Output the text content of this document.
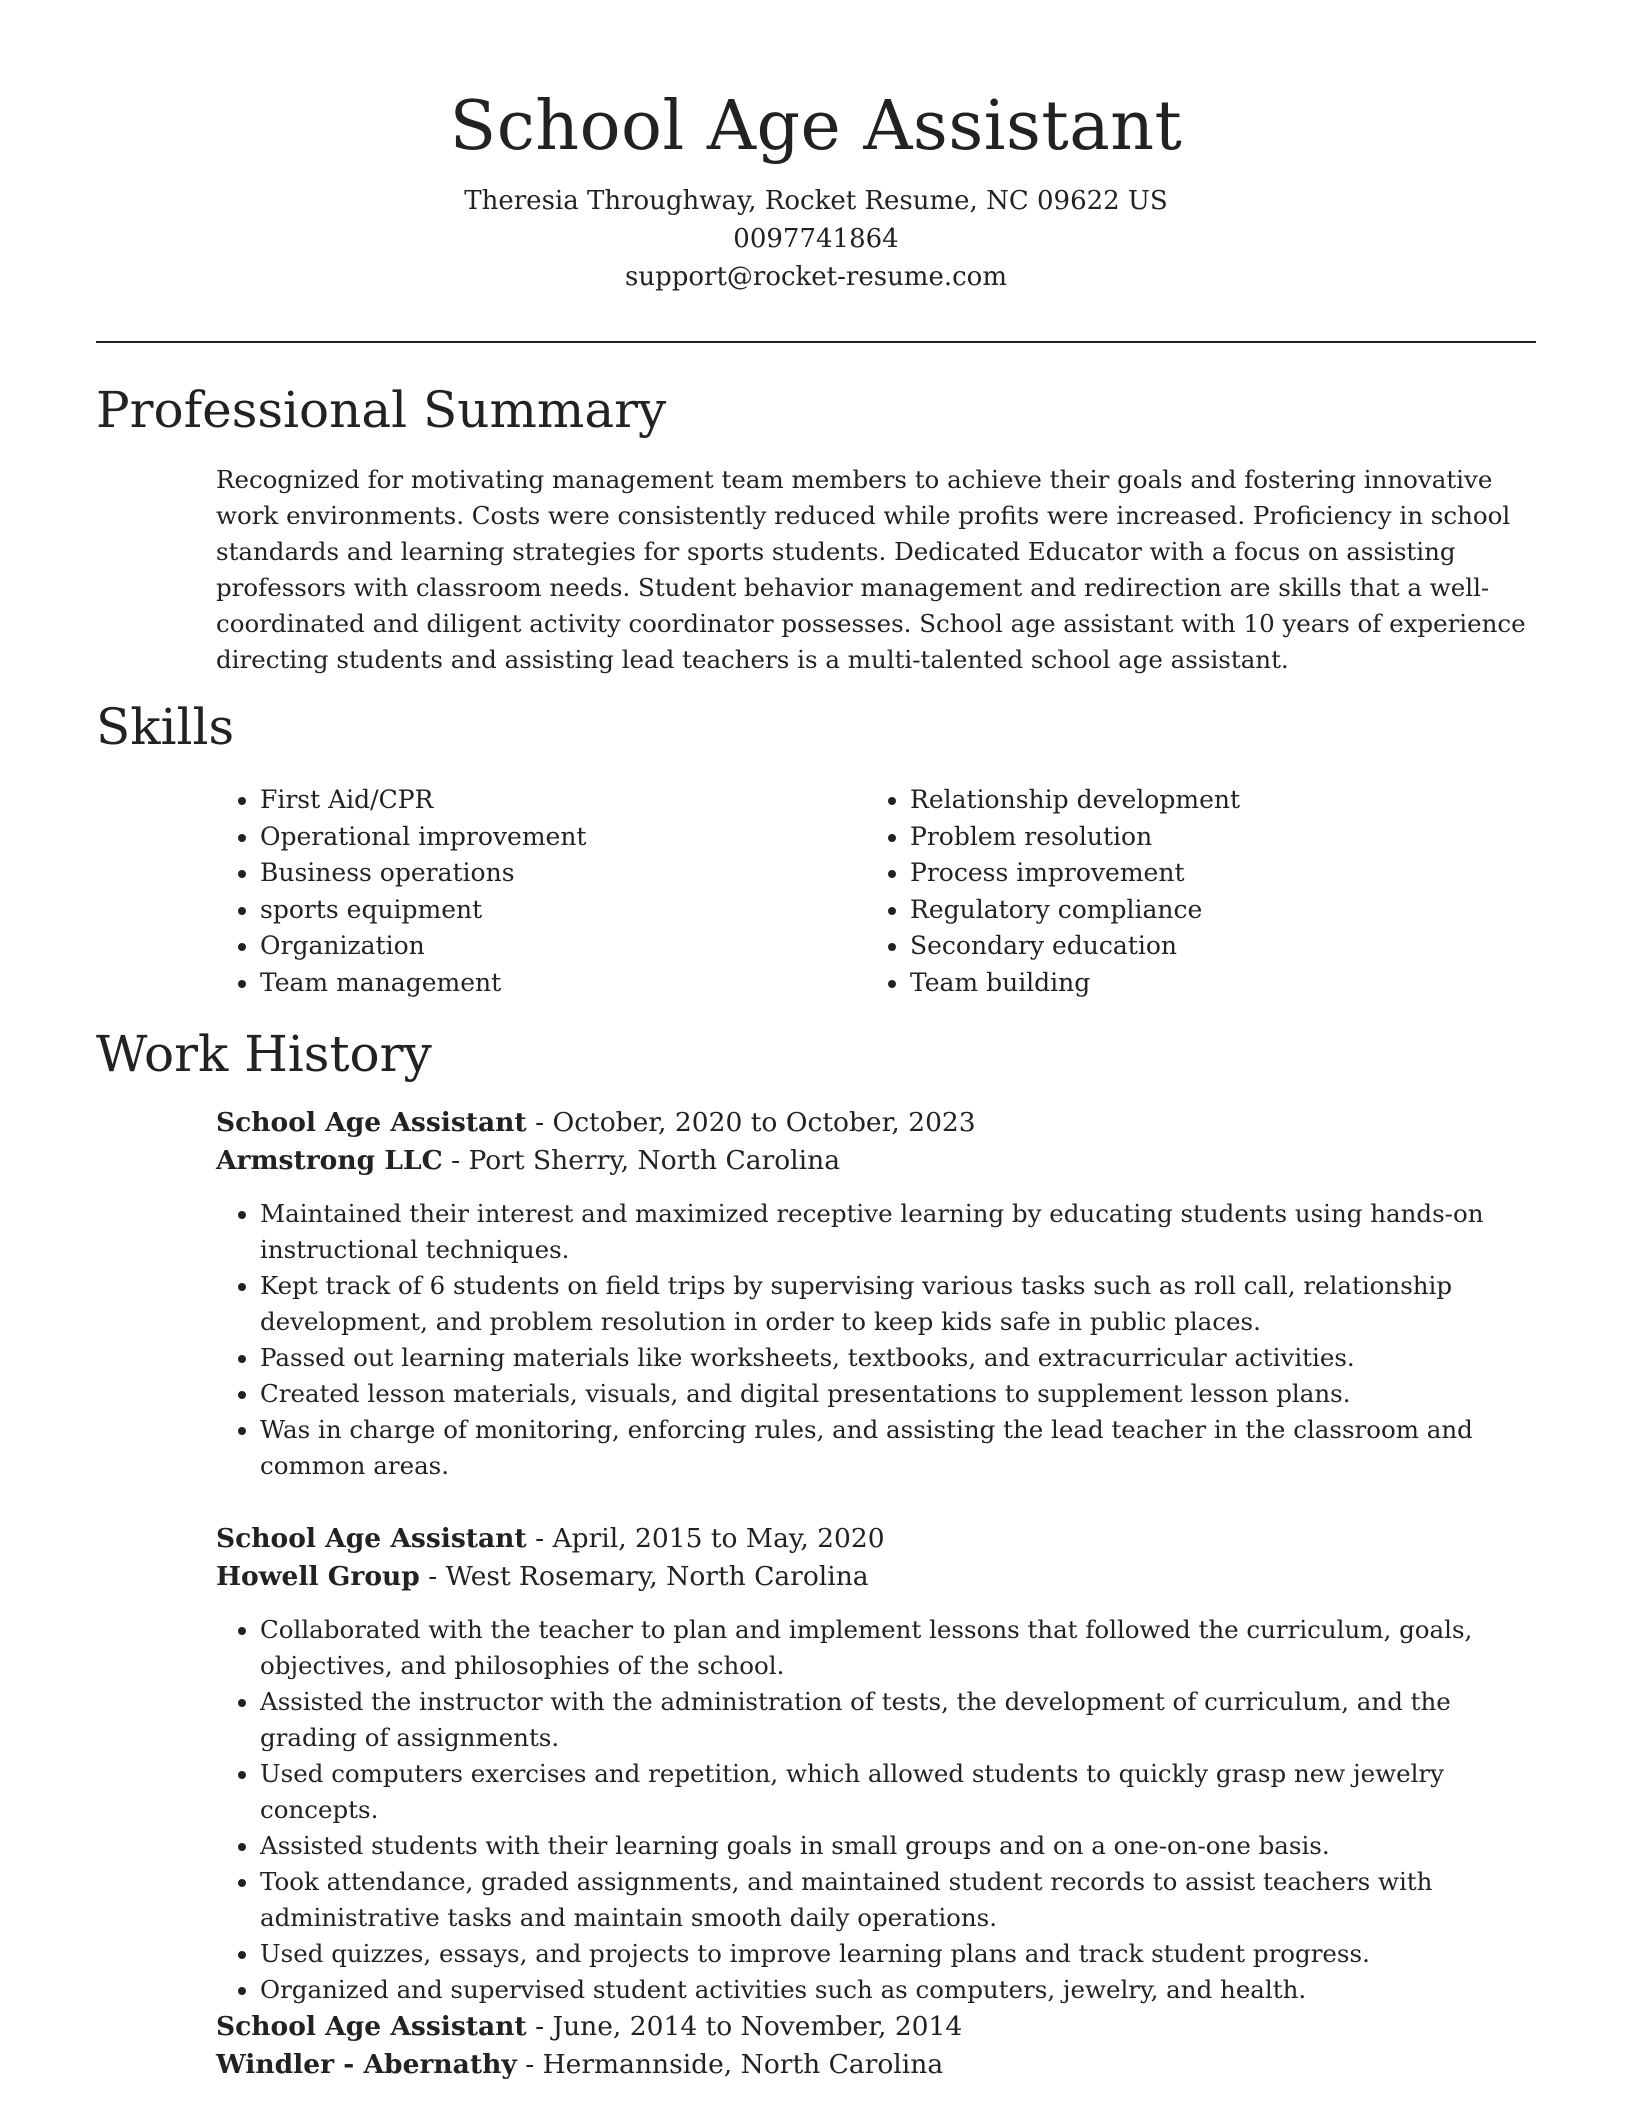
School Age Assistant
Theresia Throughway, Rocket Resume, NC 09622 US
0097741864
support@rocket-resume.com
Professional Summary

Recognized for motivating management team members to achieve their goals and fostering innovative work environments. Costs were consistently reduced while profits were increased. Proficiency in school standards and learning strategies for sports students. Dedicated Educator with a focus on assisting professors with classroom needs. Student behavior management and redirection are skills that a well-coordinated and diligent activity coordinator possesses. School age assistant with 10 years of experience directing students and assisting lead teachers is a multi-talented school age assistant.

Skills
• First Aid/CPR
• Operational improvement
• Business operations
• sports equipment
• Organization
• Team management
• Relationship development
• Problem resolution
• Process improvement
• Regulatory compliance
• Secondary education
• Team building
Work History
School Age Assistant - October, 2020 to October, 2023
Armstrong LLC - Port Sherry, North Carolina
• Maintained their interest and maximized receptive learning by educating students using hands-on instructional techniques.
• Kept track of 6 students on field trips by supervising various tasks such as roll call, relationship development, and problem resolution in order to keep kids safe in public places.
• Passed out learning materials like worksheets, textbooks, and extracurricular activities.
• Created lesson materials, visuals, and digital presentations to supplement lesson plans.
• Was in charge of monitoring, enforcing rules, and assisting the lead teacher in the classroom and common areas.
School Age Assistant - April, 2015 to May, 2020
Howell Group - West Rosemary, North Carolina
• Collaborated with the teacher to plan and implement lessons that followed the curriculum, goals, objectives, and philosophies of the school.
• Assisted the instructor with the administration of tests, the development of curriculum, and the grading of assignments.
• Used computers exercises and repetition, which allowed students to quickly grasp new jewelry concepts.
• Assisted students with their learning goals in small groups and on a one-on-one basis.
• Took attendance, graded assignments, and maintained student records to assist teachers with administrative tasks and maintain smooth daily operations.
• Used quizzes, essays, and projects to improve learning plans and track student progress.
• Organized and supervised student activities such as computers, jewelry, and health.
School Age Assistant - June, 2014 to November, 2014
Windler - Abernathy - Hermannside, North Carolina
